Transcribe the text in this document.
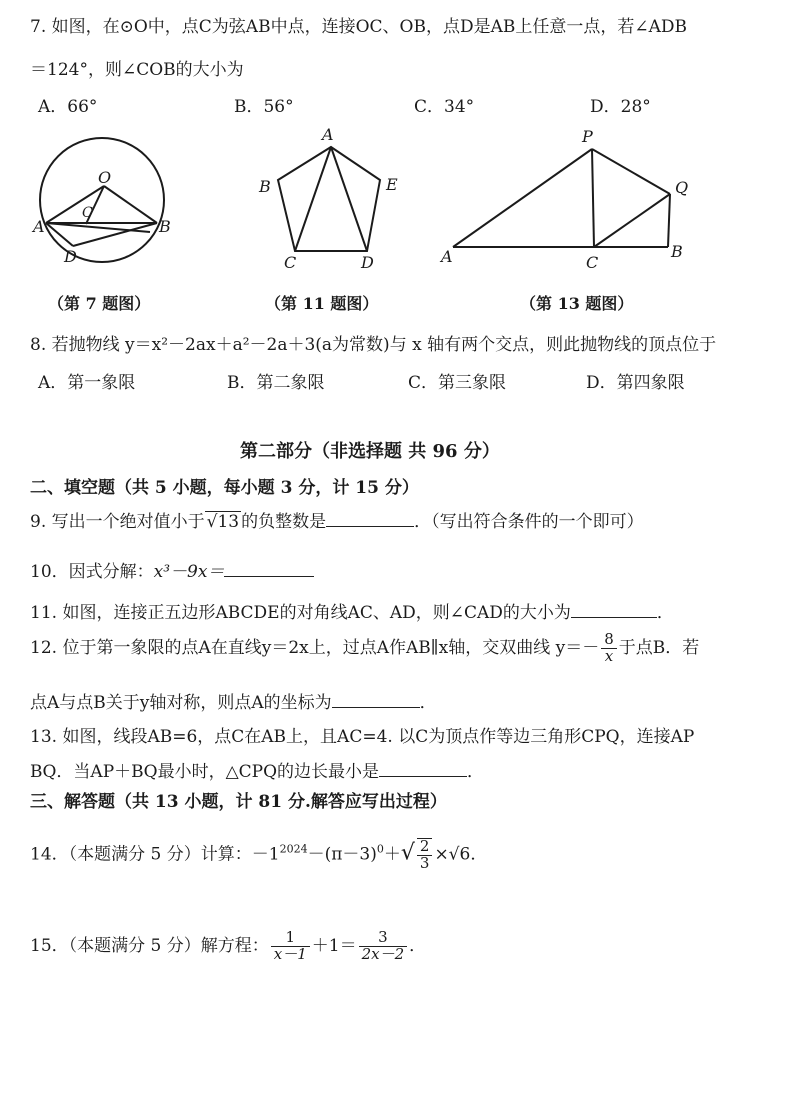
7. 如图，在⊙O中，点C为弦AB中点，连接OC、OB，点D是AB上任意一点，若∠ADB
＝124°，则∠COB的大小为
A．66°	B．56°	C．34°	D．28°
O
C
A	B
D
A
B	E
C	D
P
Q
A	C
B
（第 7 题图）	（第 11 题图）	（第 13 题图）
8. 若抛物线 y＝x²－2ax＋a²－2a＋3(a为常数)与 x 轴有两个交点，则此抛物线的顶点位于
A．第一象限	B．第二象限	C．第三象限	D．第四象限
第二部分（非选择题 共 96 分）
二、填空题（共 5 小题，每小题 3 分，计 15 分）
9. 写出一个绝对值小于 √13 的负整数是	．（写出符合条件的一个即可）
10．因式分解：x³－9x＝
11. 如图，连接正五边形ABCDE的对角线AC、AD，则∠CAD的大小为	．
12. 位于第一象限的点A在直线y＝2x上，过点A作AB∥x轴，交双曲线 $y=- \frac{8}{x}$ 于点B．若
点A与点B关于y轴对称，则点A的坐标为	．
13. 如图，线段AB=6，点C在AB上，且AC=4. 以C为顶点作等边三角形CPQ，连接AP
BQ．当AP＋BQ最小时，△CPQ的边长最小是	．
三、解答题（共 13 小题，计 81 分.解答应写出过程）
14．（本题满分 5 分）计算：$-1^{2024}-(\pi-3)^0+√ \frac{2}{3} \times√6$．
15．（本题满分 5 分）解方程： $\frac{1}{x-1} +1= \frac{3}{2x-2}$ ．
